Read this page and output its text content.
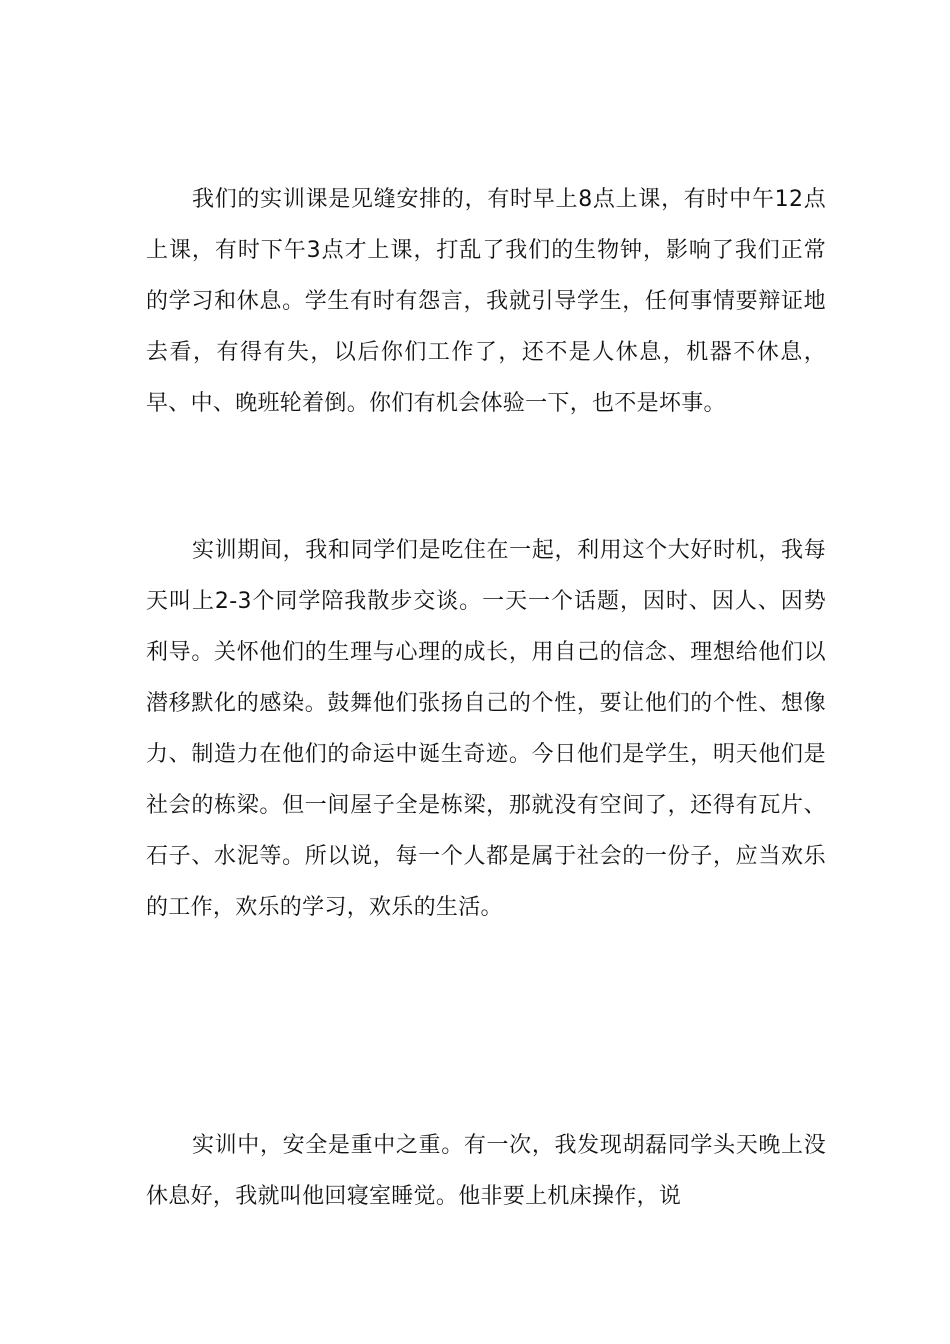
我们的实训课是见缝安排的，有时早上8点上课，有时中午12点上课，有时下午3点才上课，打乱了我们的生物钟，影响了我们正常的学习和休息。学生有时有怨言，我就引导学生，任何事情要辩证地去看，有得有失，以后你们工作了，还不是人休息，机器不休息，早、中、晚班轮着倒。你们有机会体验一下，也不是坏事。

实训期间，我和同学们是吃住在一起，利用这个大好时机，我每天叫上2-3个同学陪我散步交谈。一天一个话题，因时、因人、因势利导。关怀他们的生理与心理的成长，用自己的信念、理想给他们以潜移默化的感染。鼓舞他们张扬自己的个性，要让他们的个性、想像力、制造力在他们的命运中诞生奇迹。今日他们是学生，明天他们是社会的栋梁。但一间屋子全是栋梁，那就没有空间了，还得有瓦片、石子、水泥等。所以说，每一个人都是属于社会的一份子，应当欢乐的工作，欢乐的学习，欢乐的生活。

实训中，安全是重中之重。有一次，我发现胡磊同学头天晚上没休息好，我就叫他回寝室睡觉。他非要上机床操作，说
